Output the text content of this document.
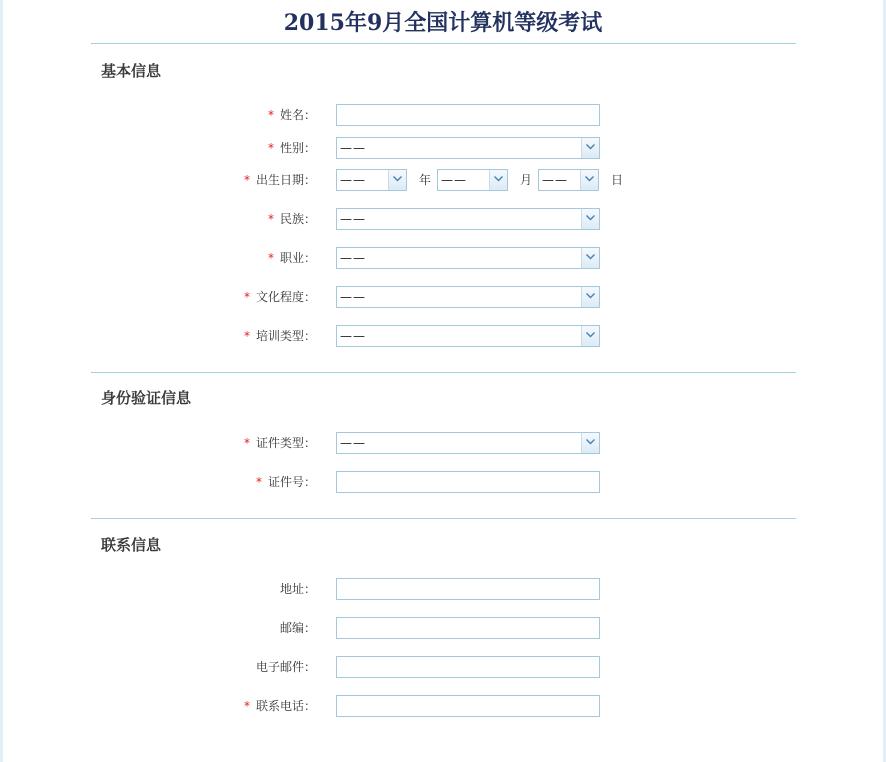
2015年9月全国计算机等级考试
基本信息
* 姓名：
* 性别： ——
* 出生日期： ——	年 ——	月 ——	日
* 民族： ——
* 职业： ——
* 文化程度： ——
* 培训类型： ——
身份验证信息
* 证件类型： ——
* 证件号：
联系信息
地址：
邮编：
电子邮件：
* 联系电话：
